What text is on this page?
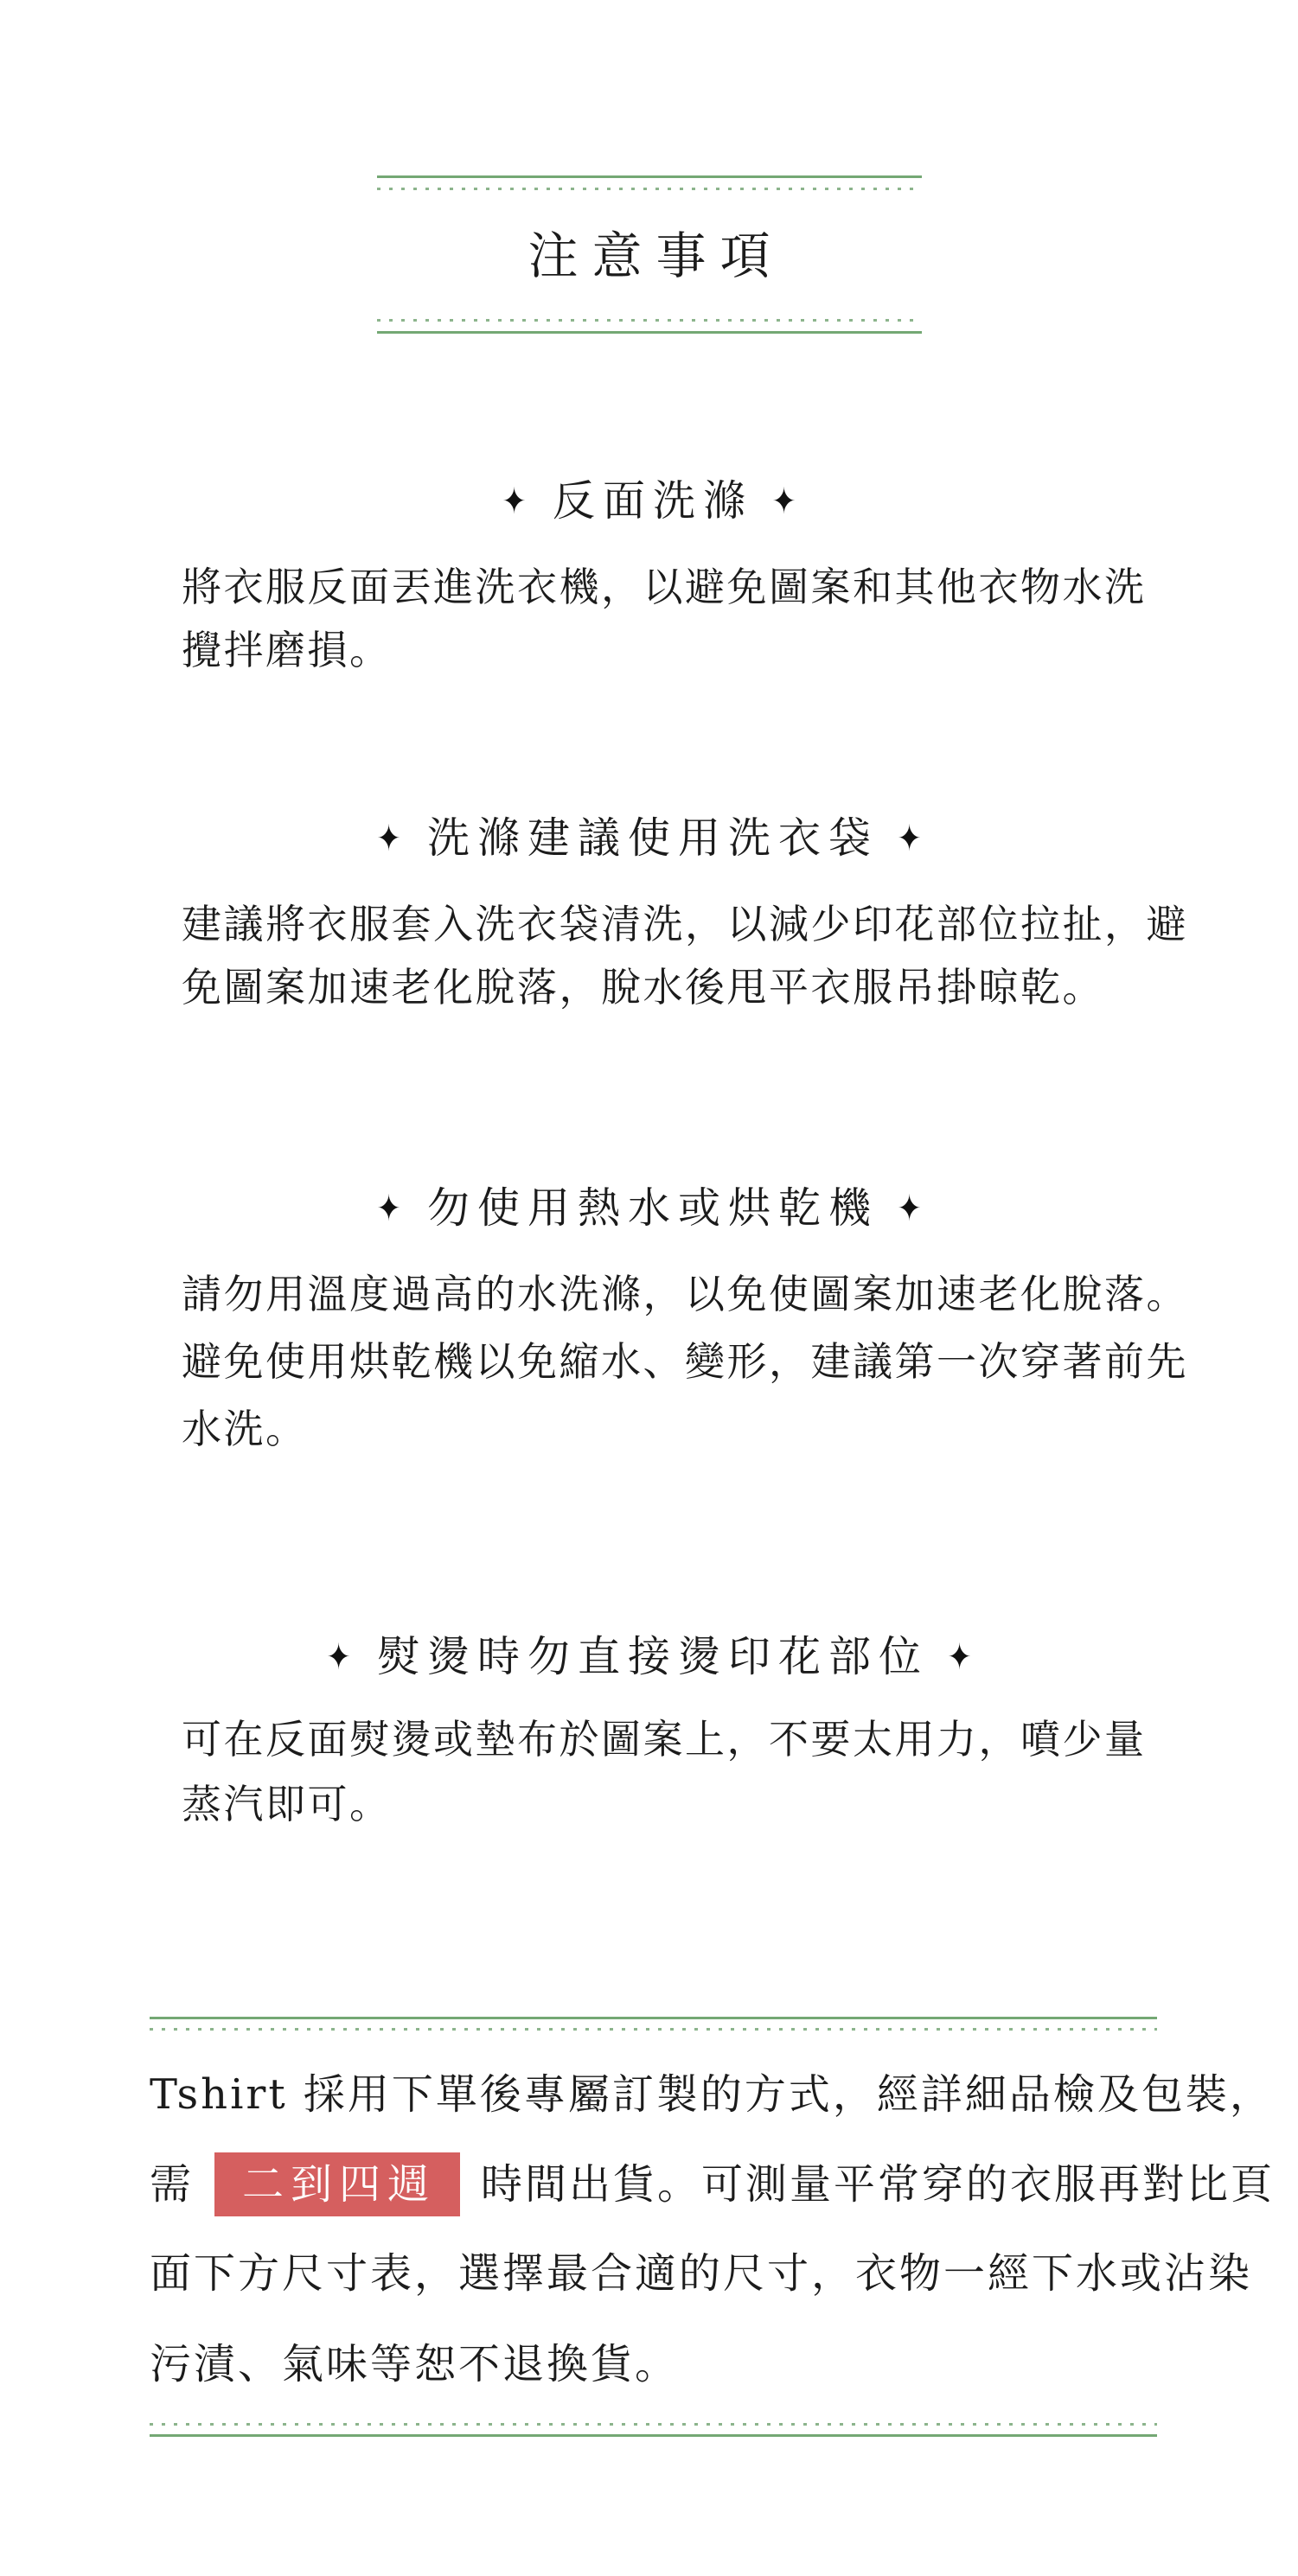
注意事項
✦ 反面洗滌 ✦
將衣服反面丟進洗衣機，以避免圖案和其他衣物水洗
攪拌磨損。
✦ 洗滌建議使用洗衣袋 ✦
建議將衣服套入洗衣袋清洗，以減少印花部位拉扯，避
免圖案加速老化脫落，脫水後甩平衣服吊掛晾乾。
✦ 勿使用熱水或烘乾機 ✦
請勿用溫度過高的水洗滌，以免使圖案加速老化脫落。
避免使用烘乾機以免縮水、變形，建議第一次穿著前先
水洗。
✦ 熨燙時勿直接燙印花部位 ✦
可在反面熨燙或墊布於圖案上，不要太用力，噴少量
蒸汽即可。

Tshirt 採用下單後專屬訂製的方式，經詳細品檢及包裝，

需	二到四週	時間出貨。可測量平常穿的衣服再對比頁

面下方尺寸表，選擇最合適的尺寸，衣物一經下水或沾染

污漬、氣味等恕不退換貨。
